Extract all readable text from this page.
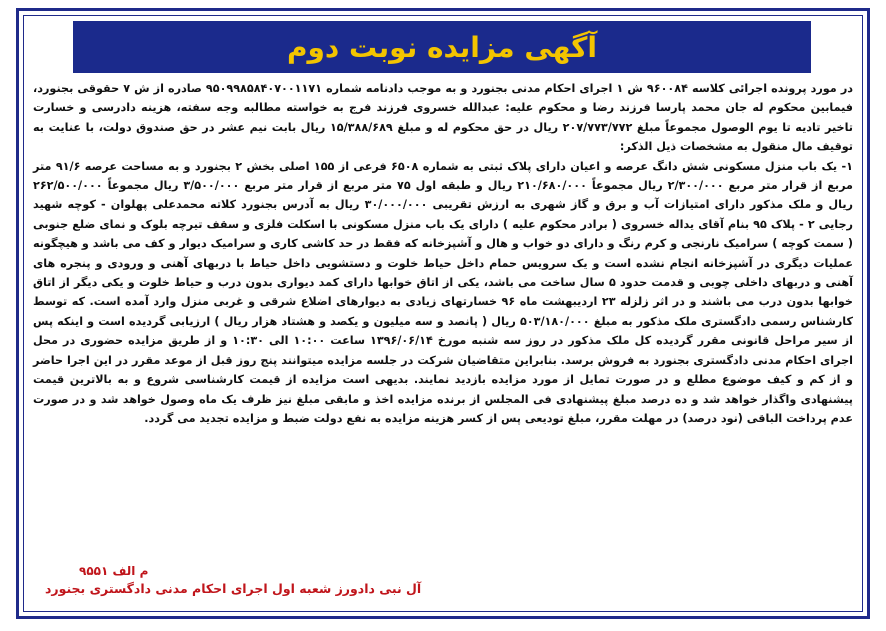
آگهی مزایده نوبت دوم

در مورد پرونده اجرائی کلاسه ۹۶۰۰۸۴ ش ۱ اجرای احکام مدنی بجنورد و به موجب دادنامه شماره ۹۵۰۹۹۸۵۸۴۰۷۰۰۱۱۷۱ صادره از ش ۷ حقوقی بجنورد، فیمابین محکوم له جان محمد پارسا فرزند رضا و محکوم علیه: عبدالله خسروی فرزند فرج به خواسته مطالبه وجه سفته، هزینه دادرسی و خسارت تاخیر تادیه تا یوم الوصول مجموعاً مبلغ ۲۰۷/۷۷۳/۷۷۲ ریال در حق محکوم له و مبلغ ۱۵/۳۸۸/۶۸۹ ریال بابت نیم عشر در حق صندوق دولت، با عنایت به توقیف مال منقول به مشخصات ذیل الذکر:

۱- یک باب منزل مسکونی شش دانگ عرصه و اعیان دارای پلاک ثبتی به شماره ۶۵۰۸ فرعی از ۱۵۵ اصلی بخش ۲ بجنورد و به مساحت عرصه ۹۱/۶ متر مربع از قرار متر مربع ۲/۳۰۰/۰۰۰ ریال مجموعاً ۲۱۰/۶۸۰/۰۰۰ ریال و طبقه اول ۷۵ متر مربع از قرار متر مربع ۳/۵۰۰/۰۰۰ ریال مجموعاً ۲۶۲/۵۰۰/۰۰۰ ریال و ملک مذکور دارای امتیازات آب و برق و گاز شهری به ارزش تقریبی ۳۰/۰۰۰/۰۰۰ ریال به آدرس بجنورد کلاته محمدعلی پهلوان - کوچه شهید رجایی ۲ - پلاک ۹۵ بنام آقای یداله خسروی ( برادر محکوم علیه ) دارای یک باب منزل مسکونی با اسکلت فلزی و سقف تیرچه بلوک و نمای ضلع جنوبی ( سمت کوچه ) سرامیک نارنجی و کرم رنگ و دارای دو خواب و هال و آشپزخانه که فقط در حد کاشی کاری و سرامیک دیوار و کف می باشد و هیچگونه عملیات دیگری در آشپزخانه انجام نشده است و یک سرویس حمام داخل حیاط خلوت و دستشویی داخل حیاط با دربهای آهنی و ورودی و پنجره های آهنی و دربهای داخلی چوبی و قدمت حدود ۵ سال ساخت می باشد، یکی از اتاق خوابها دارای کمد دیواری بدون درب و حیاط خلوت و یکی دیگر از اتاق خوابها بدون درب می باشند و در اثر زلزله ۲۳ اردیبهشت ماه ۹۶ خسارتهای زیادی به دیوارهای اضلاع شرقی و غربی منزل وارد آمده است. که توسط کارشناس رسمی دادگستری ملک مذکور به مبلغ ۵۰۳/۱۸۰/۰۰۰ ریال ( پانصد و سه میلیون و یکصد و هشتاد هزار ریال ) ارزیابی گردیده است و اینکه پس از سیر مراحل قانونی مقرر گردیده کل ملک مذکور در روز سه شنبه مورخ ۱۳۹۶/۰۶/۱۴ ساعت ۱۰:۰۰ الی ۱۰:۳۰ و از طریق مزایده حضوری در محل اجرای احکام مدنی دادگستری بجنورد به فروش برسد. بنابراین متقاضیان شرکت در جلسه مزایده میتوانند پنج روز قبل از موعد مقرر در این اجرا حاضر و از کم و کیف موضوع مطلع و در صورت تمایل از مورد مزایده بازدید نمایند. بدیهی است مزایده از قیمت کارشناسی شروع و به بالاترین قیمت پیشنهادی واگذار خواهد شد و ده درصد مبلغ پیشنهادی فی المجلس از برنده مزایده اخذ و مابقی مبلغ نیز ظرف یک ماه وصول خواهد شد و در صورت عدم پرداخت الباقی (نود درصد) در مهلت مقرر، مبلغ تودیعی پس از کسر هزینه مزایده به نفع دولت ضبط و مزایده تجدید می گردد.

م الف ۹۵۵۱
آل نبی دادورز شعبه اول اجرای احکام مدنی دادگستری بجنورد
